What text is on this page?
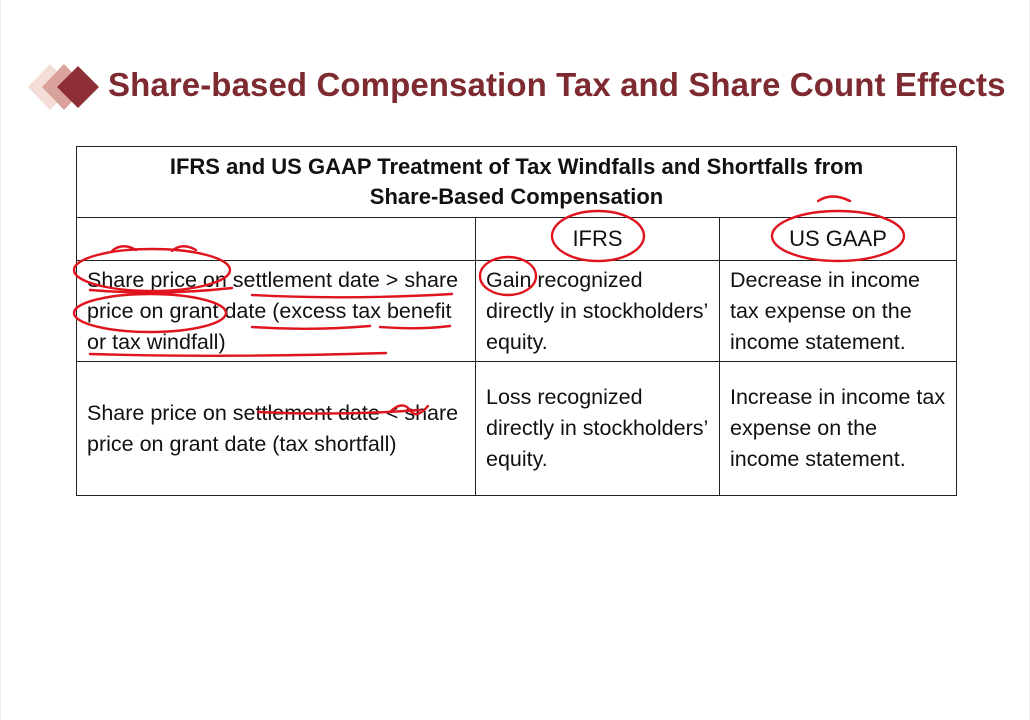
Share-based Compensation Tax and Share Count Effects
IFRS and US GAAP Treatment of Tax Windfalls and Shortfalls from
Share-Based Compensation		

	IFRS	US GAAP
Share price on settlement date > share price on grant date (excess tax benefit or tax windfall)	Gain recognized directly in stockholders’ equity.	Decrease in income tax expense on the income statement.
Share price on settlement date < share price on grant date (tax shortfall)	Loss recognized directly in stockholders’ equity.	Increase in income tax expense on the income statement.
